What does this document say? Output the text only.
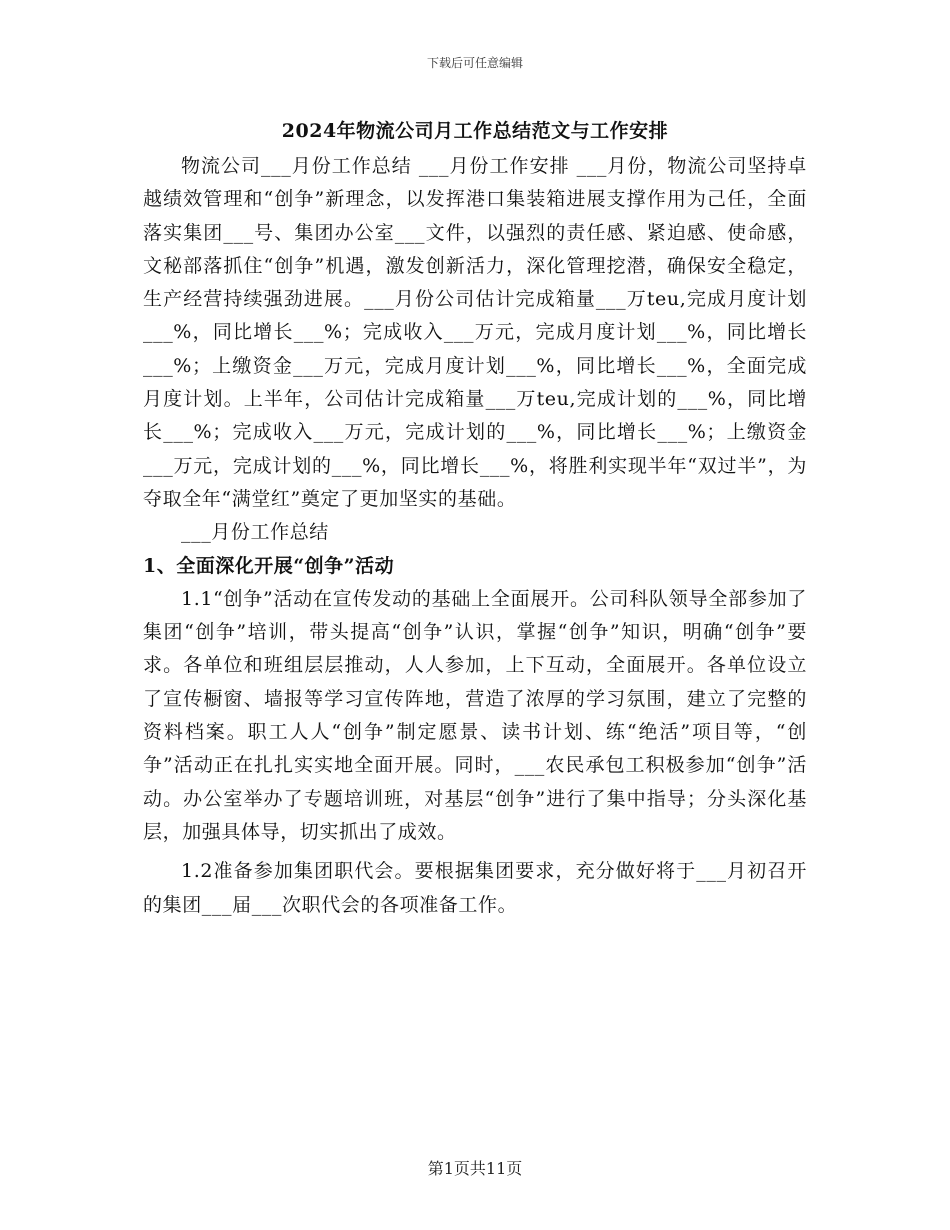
下载后可任意编辑
2024年物流公司月工作总结范文与工作安排

物流公司___月份工作总结 ___月份工作安排 ___月份，物流公司坚持卓越绩效管理和“创争”新理念，以发挥港口集装箱进展支撑作用为己任，全面落实集团___号、集团办公室___文件，以强烈的责任感、紧迫感、使命感，文秘部落抓住“创争”机遇，激发创新活力，深化管理挖潜，确保安全稳定，生产经营持续强劲进展。___月份公司估计完成箱量___万teu,完成月度计划___%，同比增长___%；完成收入___万元，完成月度计划___%，同比增长___%；上缴资金___万元，完成月度计划___%，同比增长___%，全面完成月度计划。上半年，公司估计完成箱量___万teu,完成计划的___%，同比增长___%；完成收入___万元，完成计划的___%，同比增长___%；上缴资金___万元，完成计划的___%，同比增长___%，将胜利实现半年“双过半”，为夺取全年“满堂红”奠定了更加坚实的基础。

___月份工作总结

1、全面深化开展“创争”活动

1.1“创争”活动在宣传发动的基础上全面展开。公司科队领导全部参加了集团“创争”培训，带头提高“创争”认识，掌握“创争”知识，明确“创争”要求。各单位和班组层层推动，人人参加，上下互动，全面展开。各单位设立了宣传橱窗、墙报等学习宣传阵地，营造了浓厚的学习氛围，建立了完整的资料档案。职工人人“创争”制定愿景、读书计划、练“绝活”项目等，“创争”活动正在扎扎实实地全面开展。同时，___农民承包工积极参加“创争”活动。办公室举办了专题培训班，对基层“创争”进行了集中指导；分头深化基层，加强具体导，切实抓出了成效。

1.2准备参加集团职代会。要根据集团要求，充分做好将于___月初召开的集团___届___次职代会的各项准备工作。

第1页共11页
